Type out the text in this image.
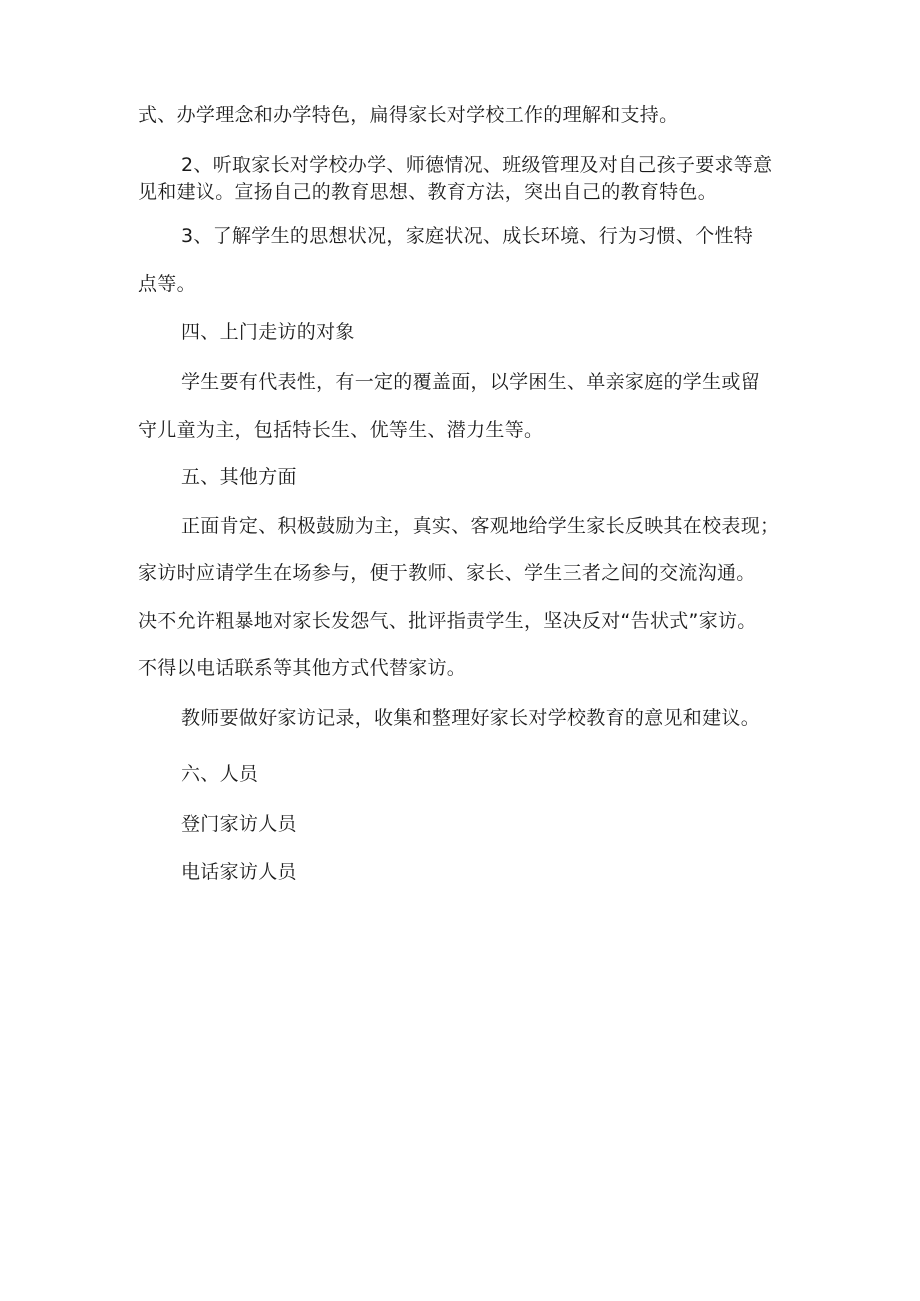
式、办学理念和办学特色，扁得家长对学校工作的理解和支持。
2、听取家长对学校办学、师德情况、班级管理及对自己孩子要求等意
见和建议。宣扬自己的教育思想、教育方法，突出自己的教育特色。
3、了解学生的思想状况，家庭状况、成长环境、行为习惯、个性特
点等。
四、上门走访的对象
学生要有代表性，有一定的覆盖面，以学困生、单亲家庭的学生或留
守儿童为主，包括特长生、优等生、潜力生等。
五、其他方面
正面肯定、积极鼓励为主，真实、客观地给学生家长反映其在校表现；
家访时应请学生在场参与，便于教师、家长、学生三者之间的交流沟通。
决不允许粗暴地对家长发怨气、批评指责学生，坚决反对“告状式”家访。
不得以电话联系等其他方式代替家访。
教师要做好家访记录，收集和整理好家长对学校教育的意见和建议。
六、人员
登门家访人员
电话家访人员
